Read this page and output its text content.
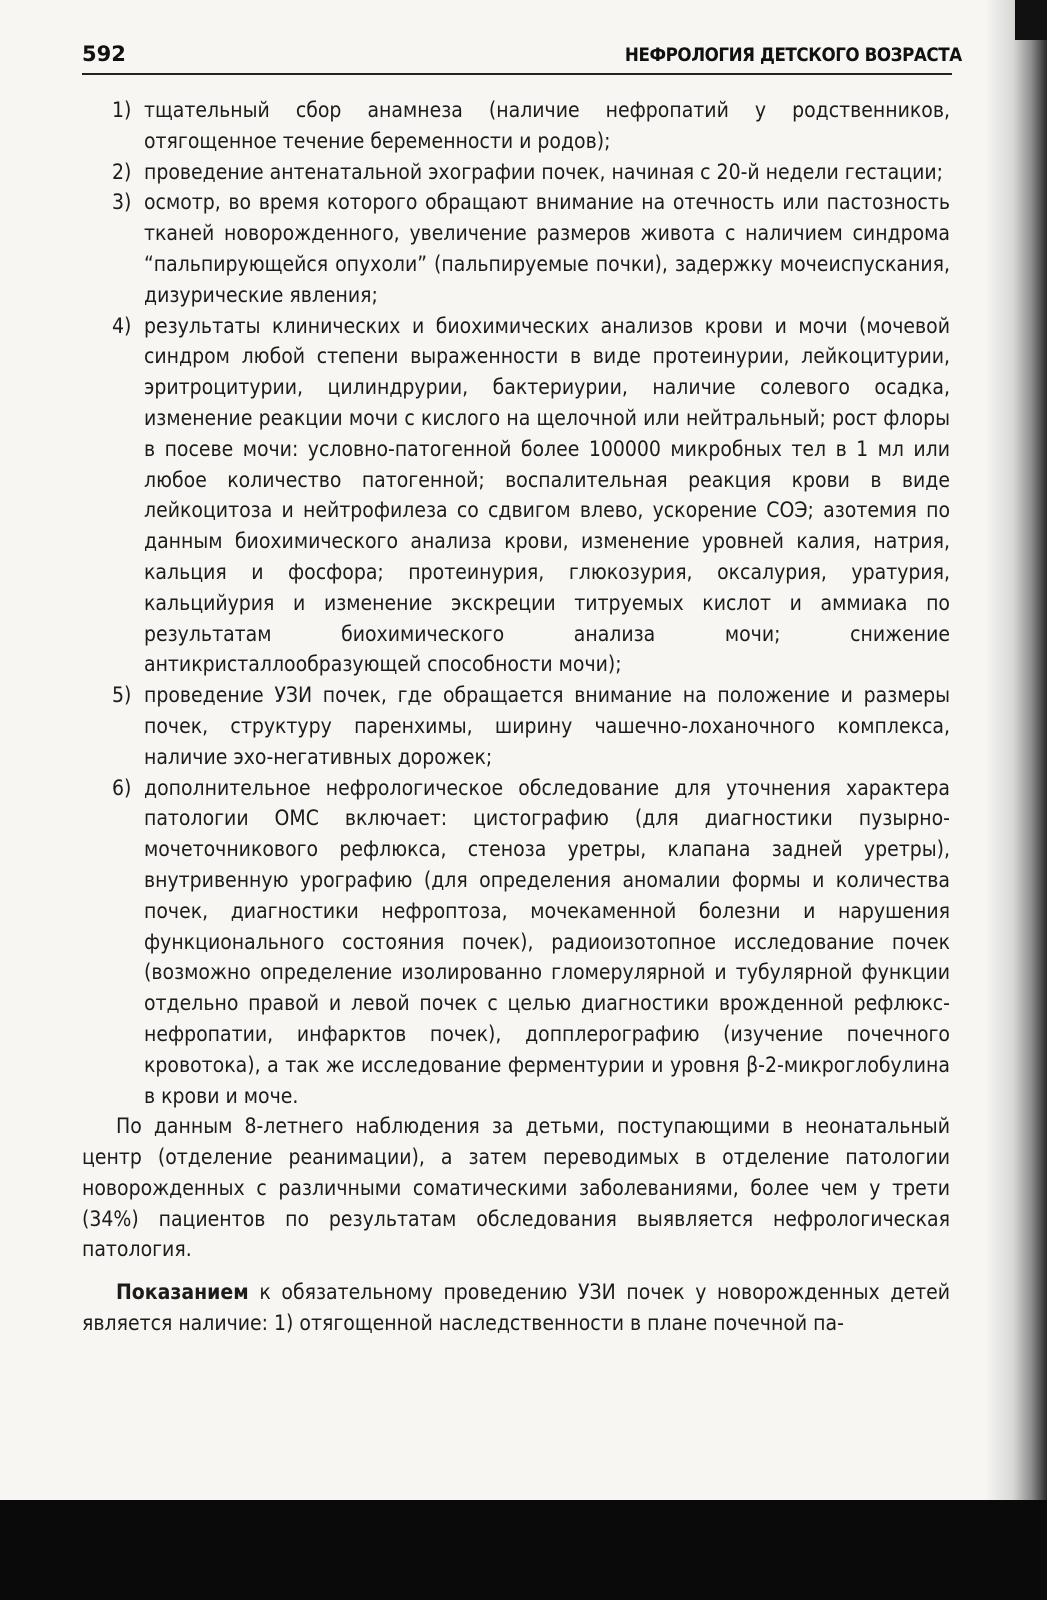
592	НЕФРОЛОГИЯ ДЕТСКОГО ВОЗРАСТА
1) тщательный сбор анамнеза (наличие нефропатий у родственников, отягощенное течение беременности и родов);
2) проведение антенатальной эхографии почек, начиная с 20-й недели гестации;
3) осмотр, во время которого обращают внимание на отечность или пастозность тканей новорожденного, увеличение размеров живота с наличием синдрома “пальпирующейся опухоли” (пальпируемые почки), задержку мочеиспускания, дизурические явления;
4) результаты клинических и биохимических анализов крови и мочи (мочевой синдром любой степени выраженности в виде протеинурии, лейкоцитурии, эритроцитурии, цилиндрурии, бактериурии, наличие солевого осадка, изменение реакции мочи с кислого на щелочной или нейтральный; рост флоры в посеве мочи: условно-патогенной более 100000 микробных тел в 1 мл или любое количество патогенной; воспалительная реакция крови в виде лейкоцитоза и нейтрофилеза со сдвигом влево, ускорение СОЭ; азотемия по данным биохимического анализа крови, изменение уровней калия, натрия, кальция и фосфора; протеинурия, глюкозурия, оксалурия, уратурия, кальцийурия и изменение экскреции титруемых кислот и аммиака по результатам биохимического анализа мочи; снижение антикристаллообразующей способности мочи);
5) проведение УЗИ почек, где обращается внимание на положение и размеры почек, структуру паренхимы, ширину чашечно-лоханочного комплекса, наличие эхо-негативных дорожек;
6) дополнительное нефрологическое обследование для уточнения характера патологии ОМС включает: цистографию (для диагностики пузырно-мочеточникового рефлюкса, стеноза уретры, клапана задней уретры), внутривенную урографию (для определения аномалии формы и количества почек, диагностики нефроптоза, мочекаменной болезни и нарушения функционального состояния почек), радиоизотопное исследование почек (возможно определение изолированно гломерулярной и тубулярной функции отдельно правой и левой почек с целью диагностики врожденной рефлюкс-нефропатии, инфарктов почек), допплерографию (изучение почечного кровотока), а так же исследование ферментурии и уровня β-2-микроглобулина в крови и моче.

По данным 8-летнего наблюдения за детьми, поступающими в неонатальный центр (отделение реанимации), а затем переводимых в отделение патологии новорожденных с различными соматическими заболеваниями, более чем у трети (34%) пациентов по результатам обследования выявляется нефрологическая патология.

Показанием к обязательному проведению УЗИ почек у новорожденных детей является наличие: 1) отягощенной наследственности в плане почечной па-
